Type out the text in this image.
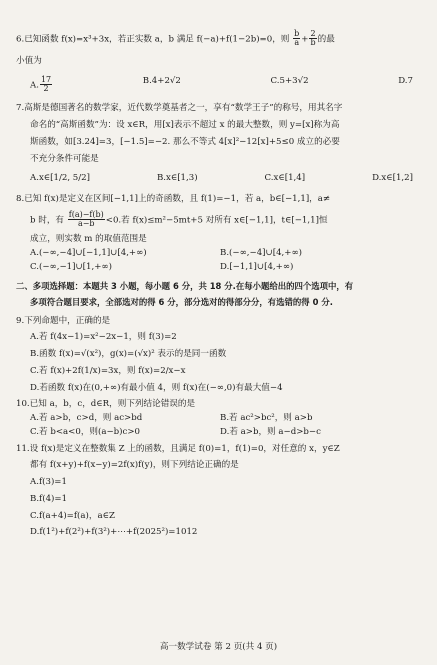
6.已知函数 f(x)=x³+3x，若正实数 a，b 满足 f(−a)+f(1−2b)=0，则 $\frac{b}{a} + \frac{2}{b}$ 的最
小值为
A. $\frac{17}{2}$	B.4+2√2	C.5+3√2	D.7
7.高斯是德国著名的数学家，近代数学奠基者之一，享有“数学王子”的称号，用其名字
命名的“高斯函数”为：设 x∈R，用[x]表示不超过 x 的最大整数，则 y=[x]称为高
斯函数，如[3.24]=3，[−1.5]=−2. 那么不等式 4[x]²−12[x]+5≤0 成立的必要
不充分条件可能是
A.x∈[1/2, 5/2]	B.x∈[1,3)	C.x∈[1,4]	D.x∈[1,2]
8.已知 f(x)是定义在区间[−1,1]上的奇函数，且 f(1)=−1，若 a，b∈[−1,1]，a≠
b 时，有 $\frac{f(a)-f(b)}{a-b} <0$.若 f(x)≤m²−5mt+5 对所有 x∈[−1,1]，t∈[−1,1]恒
成立，则实数 m 的取值范围是
A.(−∞,−4]∪[−1,1]∪[4,+∞)	B.(−∞,−4]∪[4,+∞)
C.(−∞,−1]∪[1,+∞)	D.[−1,1]∪[4,+∞)
二、多项选择题：本题共 3 小题，每小题 6 分，共 18 分.在每小题给出的四个选项中，有
多项符合题目要求，全部选对的得 6 分，部分选对的得部分分，有选错的得 0 分.
9.下列命题中，正确的是
A.若 f(4x−1)=x²−2x−1，则 f(3)=2
B.函数 f(x)=√(x²)，g(x)=(√x)² 表示的是同一函数
C.若 f(x)+2f(1/x)=3x，则 f(x)=2/x−x
D.若函数 f(x)在(0,+∞)有最小值 4，则 f(x)在(−∞,0)有最大值−4
10.已知 a，b，c，d∈R，则下列结论错误的是
A.若 a>b，c>d，则 ac>bd	B.若 ac²>bc²，则 a>b
C.若 b<a<0，则(a−b)c>0	D.若 a>b，则 a−d>b−c
11.设 f(x)是定义在整数集 Z 上的函数，且满足 f(0)=1，f(1)=0，对任意的 x，y∈Z
都有 f(x+y)+f(x−y)=2f(x)f(y)，则下列结论正确的是
A.f(3)=1
B.f(4)=1
C.f(a+4)=f(a)，a∈Z
D.f(1²)+f(2²)+f(3²)+⋯+f(2025²)=1012
高一数学试卷 第 2 页(共 4 页)
